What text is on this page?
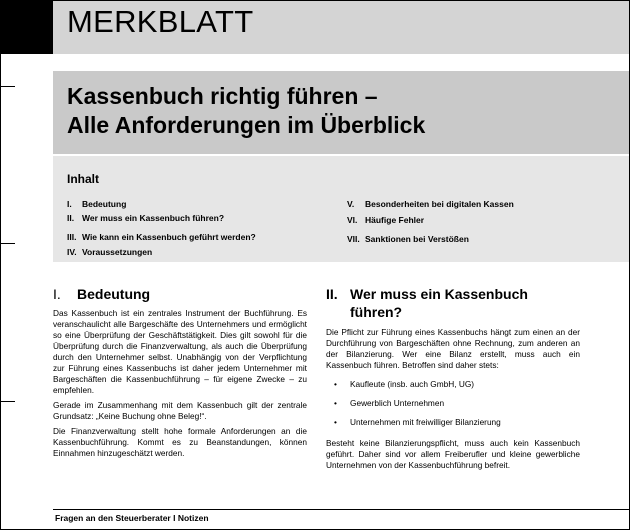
MERKBLATT
Kassenbuch richtig führen –
Alle Anforderungen im Überblick
Inhalt
I. Bedeutung
II. Wer muss ein Kassenbuch führen?
III. Wie kann ein Kassenbuch geführt werden?
IV. Voraussetzungen
V. Besonderheiten bei digitalen Kassen
VI. Häufige Fehler
VII. Sanktionen bei Verstößen
I.	Bedeutung

Das Kassenbuch ist ein zentrales Instrument der Buchführung. Es veranschaulicht alle Bargeschäfte des Unternehmers und ermöglicht so eine Überprüfung der Geschäftstätigkeit. Dies gilt sowohl für die Überprüfung durch die Finanzverwaltung, als auch die Überprüfung durch den Unternehmer selbst. Unabhängig von der Verpflichtung zur Führung eines Kassenbuchs ist daher jedem Unternehmer mit Bargeschäften die Kassenbuchführung – für eigene Zwecke – zu empfehlen.

Gerade im Zusammenhang mit dem Kassenbuch gilt der zentrale Grundsatz: „Keine Buchung ohne Beleg!“.

Die Finanzverwaltung stellt hohe formale Anforderungen an die Kassenbuchführung. Kommt es zu Beanstandungen, können Einnahmen hinzugeschätzt werden.

II. Wer muss ein Kassenbuch führen?

Die Pflicht zur Führung eines Kassenbuchs hängt zum einen an der Durchführung von Bargeschäften ohne Rechnung, zum anderen an der Bilanzierung. Wer eine Bilanz erstellt, muss auch ein Kassenbuch führen. Betroffen sind daher stets:

• Kaufleute (insb. auch GmbH, UG)
• Gewerblich Unternehmen
• Unternehmen mit freiwilliger Bilanzierung

Besteht keine Bilanzierungspflicht, muss auch kein Kassenbuch geführt. Daher sind vor allem Freiberufler und kleine gewerbliche Unternehmen von der Kassenbuchführung befreit.

Fragen an den Steuerberater I Notizen
